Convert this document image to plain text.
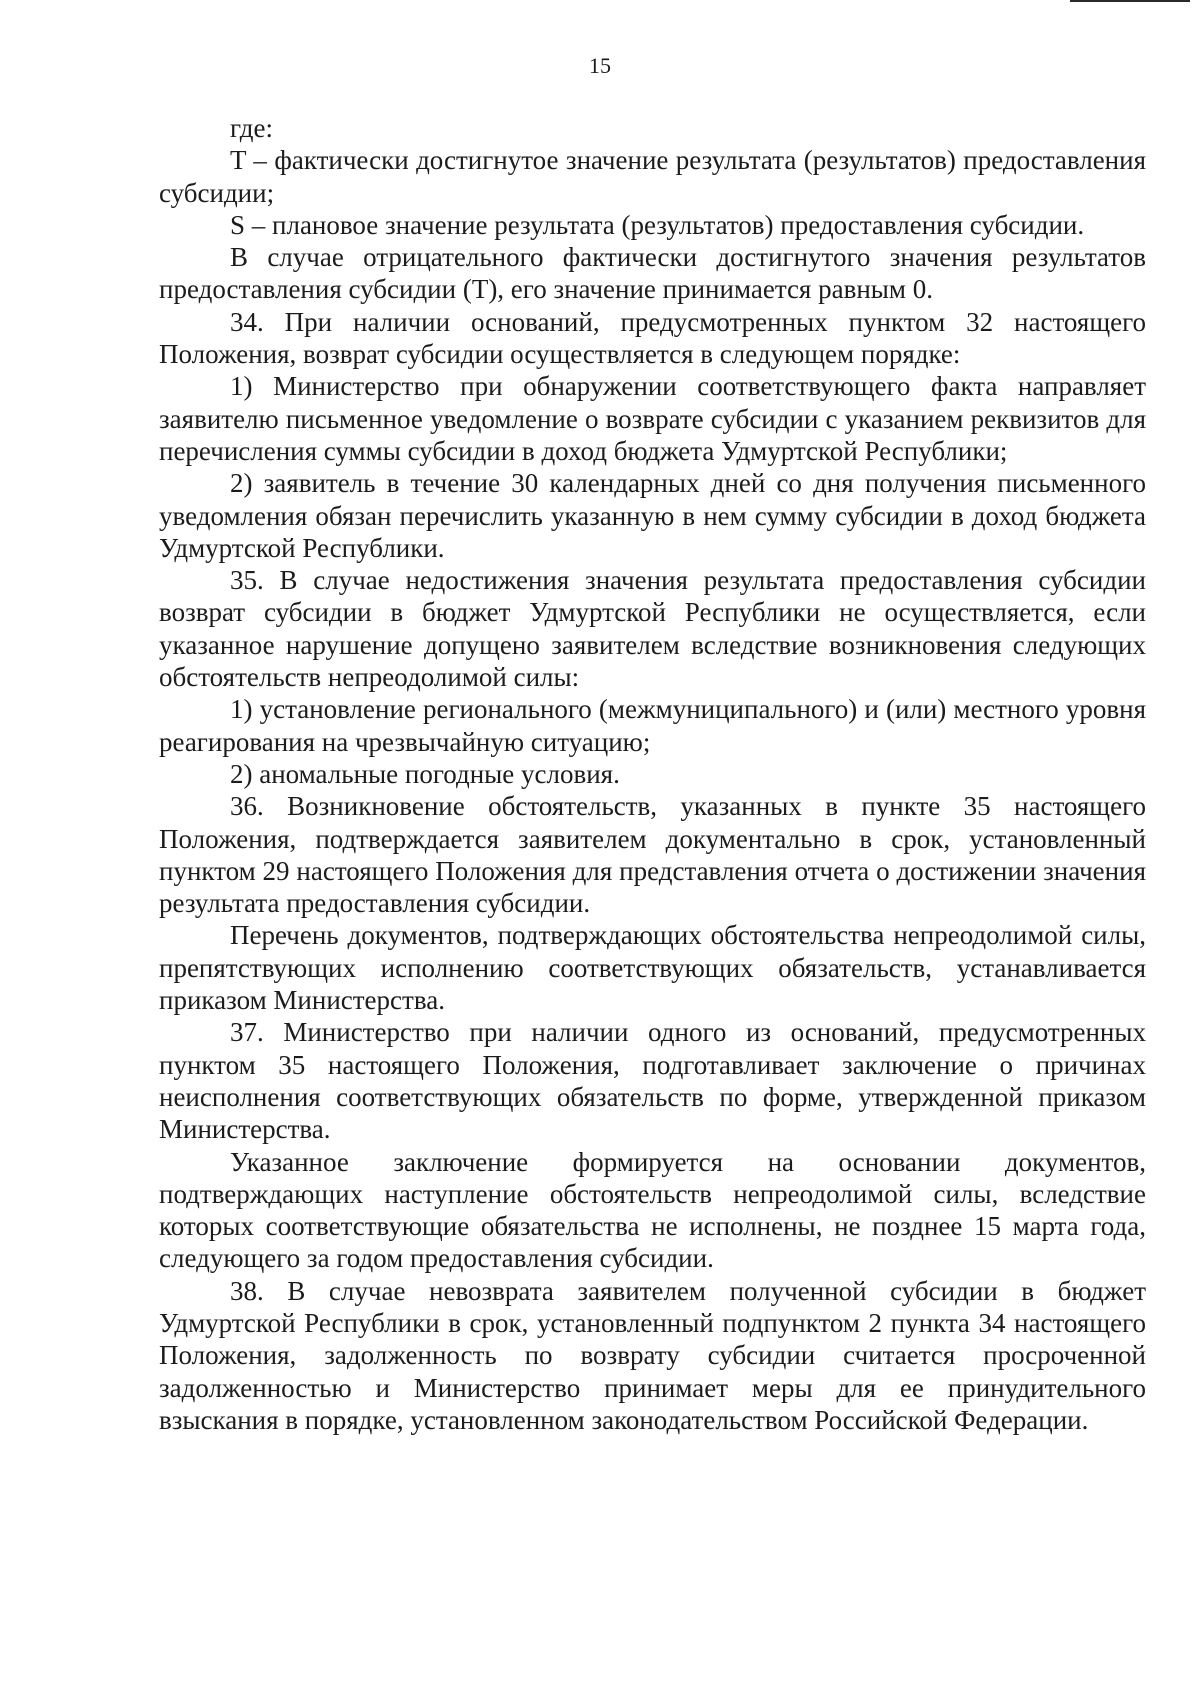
15

где:

T – фактически достигнутое значение результата (результатов) предоставления субсидии;

S – плановое значение результата (результатов) предоставления субсидии.

В случае отрицательного фактически достигнутого значения результатов предоставления субсидии (T), его значение принимается равным 0.

34. При наличии оснований, предусмотренных пунктом 32 настоящего Положения, возврат субсидии осуществляется в следующем порядке:

1) Министерство при обнаружении соответствующего факта направляет заявителю письменное уведомление о возврате субсидии с указанием реквизитов для перечисления суммы субсидии в доход бюджета Удмуртской Республики;

2) заявитель в течение 30 календарных дней со дня получения письменного уведомления обязан перечислить указанную в нем сумму субсидии в доход бюджета Удмуртской Республики.

35. В случае недостижения значения результата предоставления субсидии возврат субсидии в бюджет Удмуртской Республики не осуществляется, если указанное нарушение допущено заявителем вследствие возникновения следующих обстоятельств непреодолимой силы:

1) установление регионального (межмуниципального) и (или) местного уровня реагирования на чрезвычайную ситуацию;

2) аномальные погодные условия.

36. Возникновение обстоятельств, указанных в пункте 35 настоящего Положения, подтверждается заявителем документально в срок, установленный пунктом 29 настоящего Положения для представления отчета о достижении значения результата предоставления субсидии.

Перечень документов, подтверждающих обстоятельства непреодолимой силы, препятствующих исполнению соответствующих обязательств, устанавливается приказом Министерства.

37. Министерство при наличии одного из оснований, предусмотренных пунктом 35 настоящего Положения, подготавливает заключение о причинах неисполнения соответствующих обязательств по форме, утвержденной приказом Министерства.

Указанное заключение формируется на основании документов, подтверждающих наступление обстоятельств непреодолимой силы, вследствие которых соответствующие обязательства не исполнены, не позднее 15 марта года, следующего за годом предоставления субсидии.

38. В случае невозврата заявителем полученной субсидии в бюджет Удмуртской Республики в срок, установленный подпунктом 2 пункта 34 настоящего Положения, задолженность по возврату субсидии считается просроченной задолженностью и Министерство принимает меры для ее принудительного взыскания в порядке, установленном законодательством Российской Федерации.
